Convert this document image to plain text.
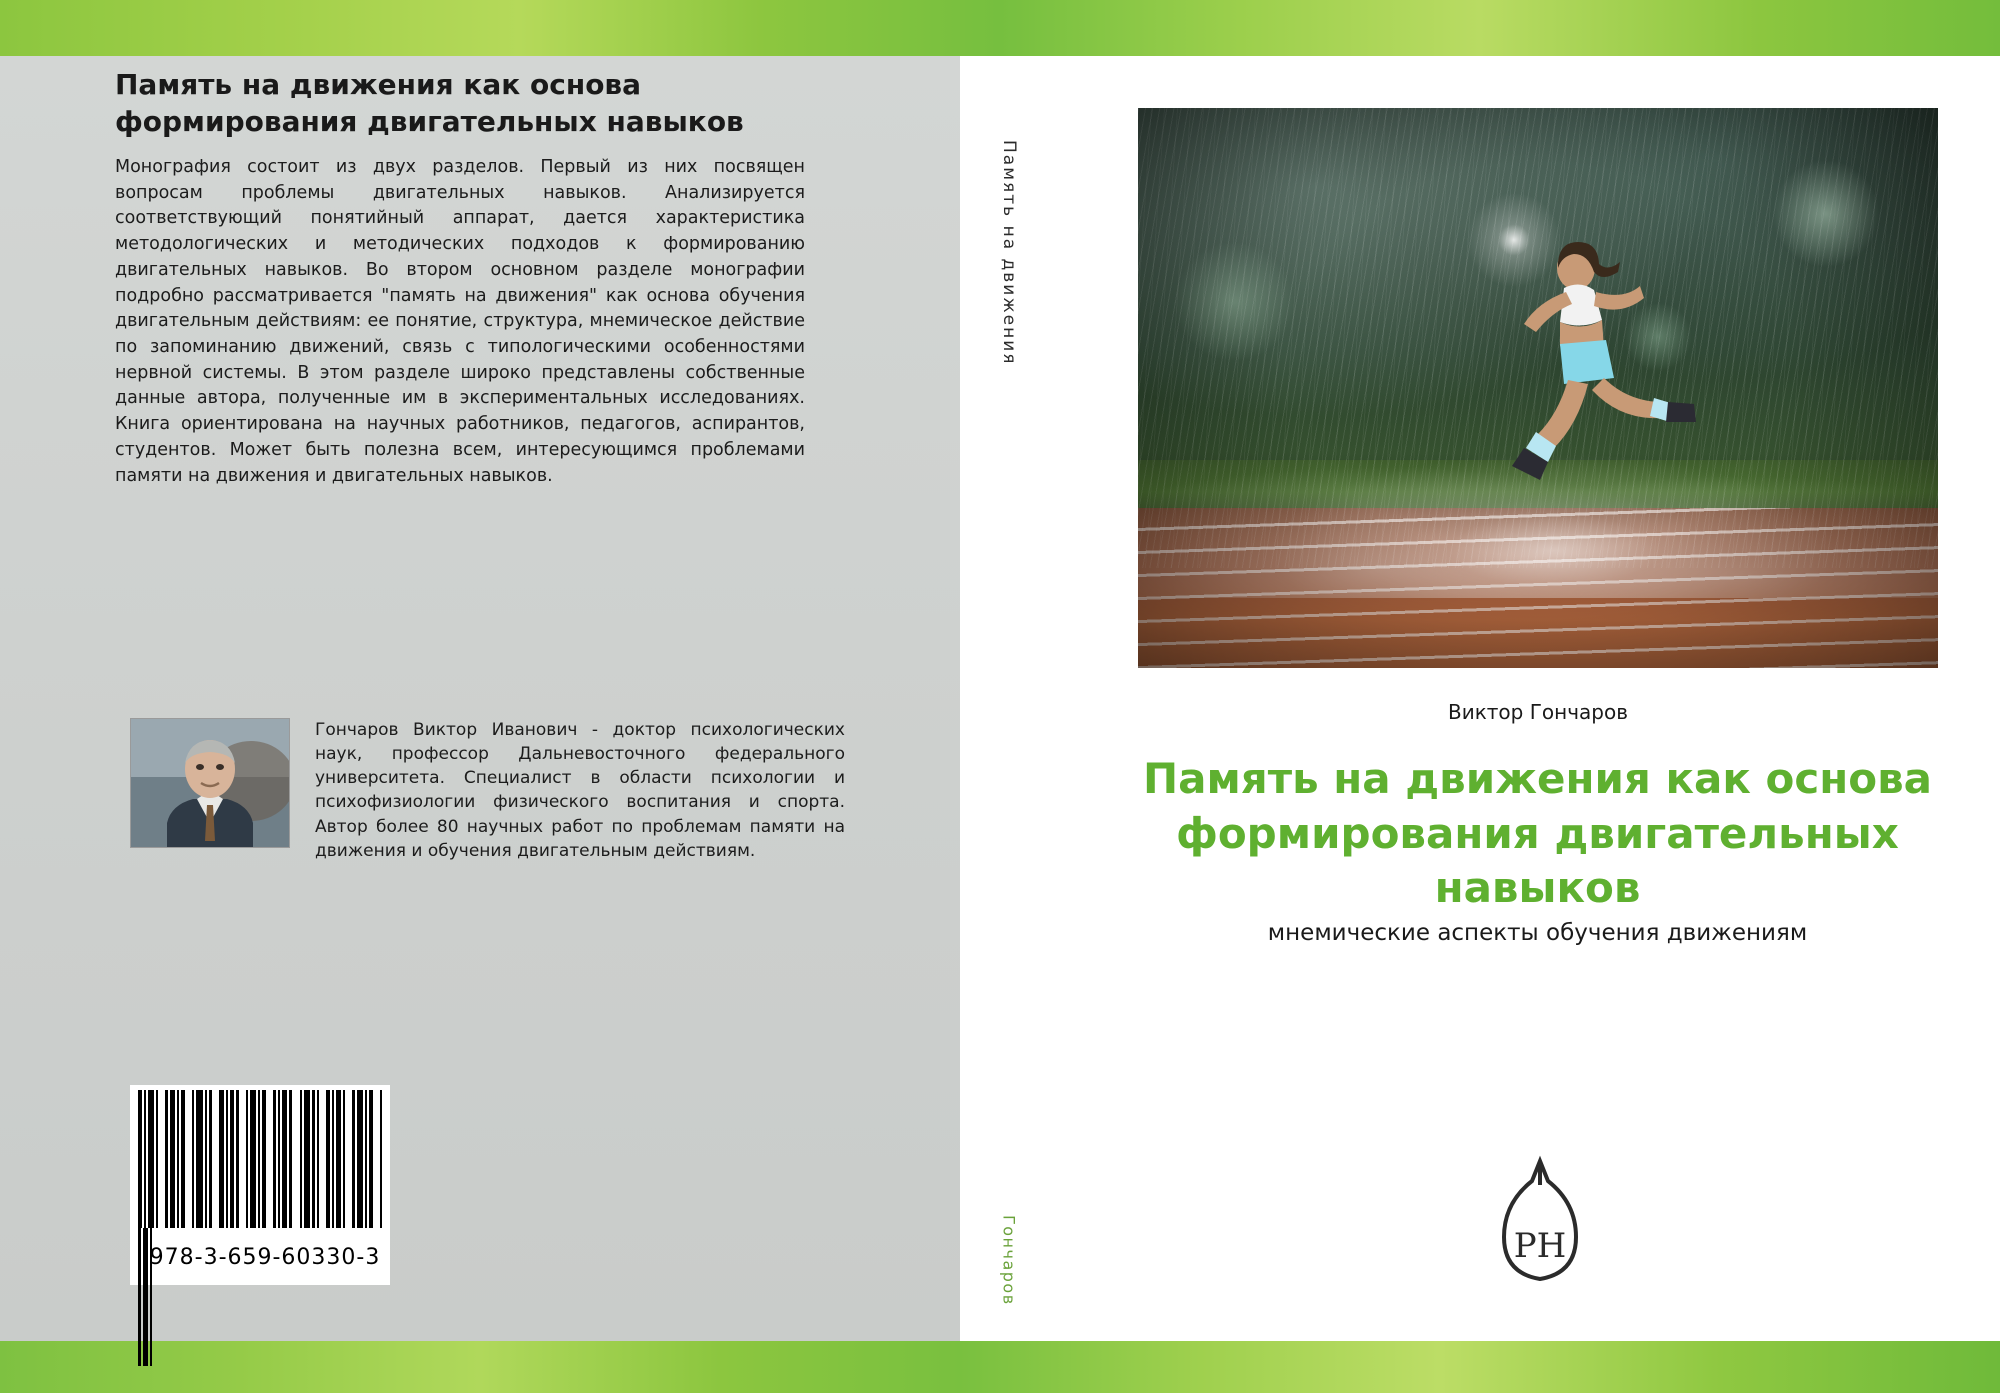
Память на движения как основа формирования двигательных навыков
Монография состоит из двух разделов. Первый из них посвящен вопросам проблемы двигательных навыков. Анализируется соответствующий понятийный аппарат, дается характеристика методологических и методических подходов к формированию двигательных навыков. Во втором основном разделе монографии подробно рассматривается "память на движения" как основа обучения двигательным действиям: ее понятие, структура, мнемическое действие по запоминанию движений, связь с типологическими особенностями нервной системы. В этом разделе широко представлены собственные данные автора, полученные им в экспериментальных исследованиях. Книга ориентирована на научных работников, педагогов, аспирантов, студентов. Может быть полезна всем, интересующимся проблемами памяти на движения и двигательных навыков.
Гончаров Виктор Иванович - доктор психологических наук, профессор Дальневосточного федерального университета. Специалист в области психологии и психофизиологии физического воспитания и спорта. Автор более 80 научных работ по проблемам памяти на движения и обучения двигательным действиям.

978-3-659-60330-3
Память на движения
Гончаров
Виктор Гончаров
Память на движения как основа формирования двигательных навыков
мнемические аспекты обучения движениям
PH
